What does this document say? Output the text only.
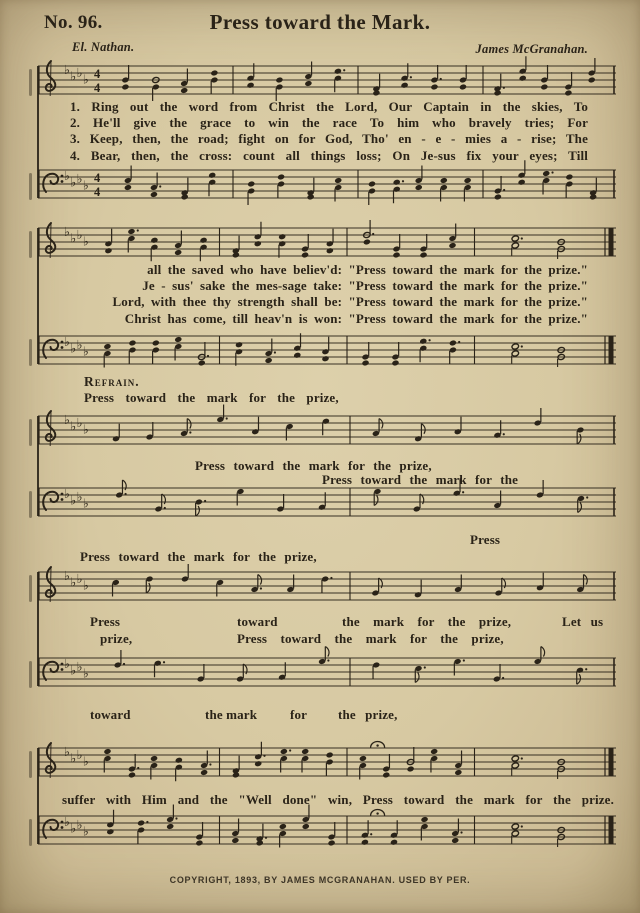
No. 96.	Press toward the Mark.
El. Nathan.	James McGranahan.
♭ ♭ ♭ ♭ 4
4
1. Ring out the word from Christ the Lord, Our Captain in the skies, To
2. He'll give the grace to win the race To him who bravely tries; For
3. Keep, then, the road; fight on for God, Tho' en - e - mies a - rise; The
4. Bear, then, the cross: count all things loss; On Je-sus fix your eyes; Till
♭ ♭ ♭ ♭ 4
4
♭ ♭ ♭ ♭
all the saved who have believ'd: "Press toward the mark for the prize."
Je - sus' sake the mes-sage take: "Press toward the mark for the prize."
Lord, with thee thy strength shall be: "Press toward the mark for the prize."
Christ has come, till heav'n is won: "Press toward the mark for the prize."
♭ ♭ ♭ ♭
Refrain.
Press toward the mark for the prize,
♭ ♭ ♭ ♭
Press toward the mark for the prize,
Press toward the mark for the
♭ ♭ ♭ ♭
Press
Press toward the mark for the prize,
♭ ♭ ♭ ♭
Press	toward	the mark for the prize,	Let us
prize,	Press toward the mark for the prize,
♭ ♭ ♭ ♭
toward	the mark	for the prize,
♭ ♭ ♭ ♭
suffer with Him and the "Well done" win, Press toward the mark for the prize.
♭ ♭ ♭ ♭
COPYRIGHT, 1893, BY JAMES MCGRANAHAN. USED BY PER.
